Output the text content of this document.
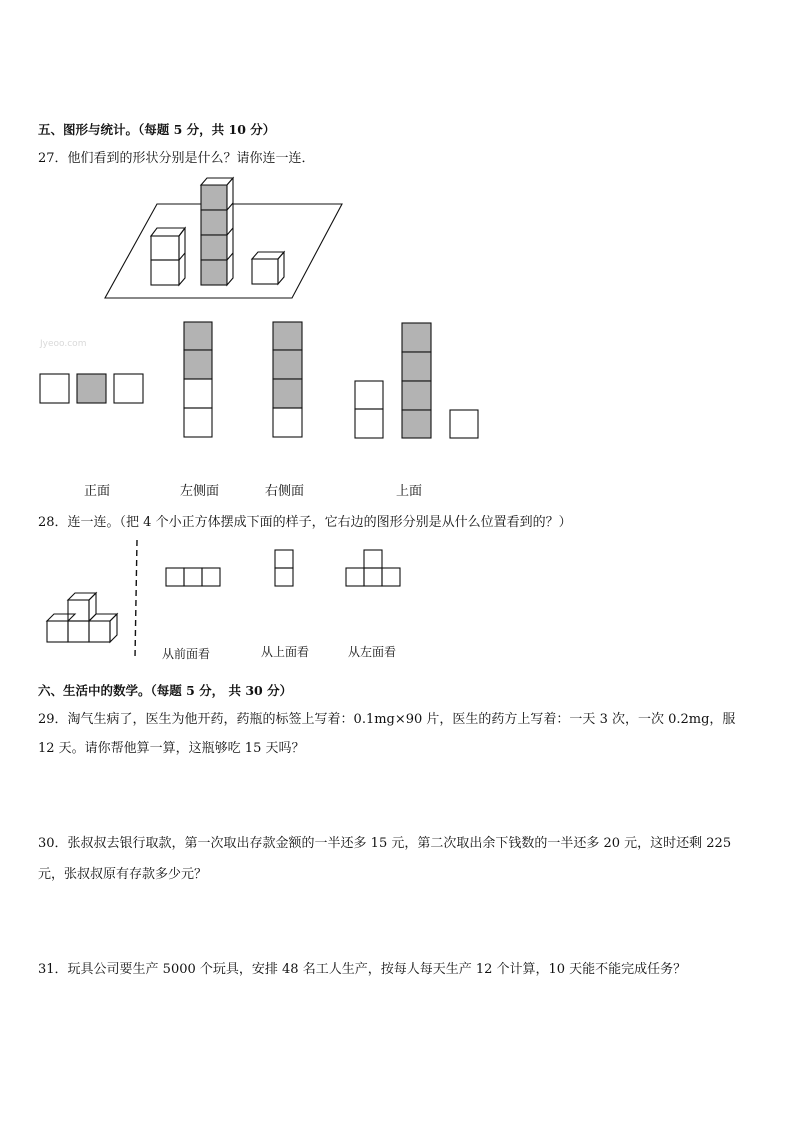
五、图形与统计。（每题 5 分，共 10 分）
27．他们看到的形状分别是什么？请你连一连．
Jyeoo.com
正面	左侧面	右侧面	上面
28．连一连。（把 4 个小正方体摆成下面的样子，它右边的图形分别是从什么位置看到的？）
从前面看	从上面看	从左面看
六、生活中的数学。（每题 5 分， 共 30 分）
29．淘气生病了，医生为他开药，药瓶的标签上写着：0.1mg×90 片，医生的药方上写着：一天 3 次，一次 0.2mg，服
12 天。请你帮他算一算，这瓶够吃 15 天吗？
30．张叔叔去银行取款，第一次取出存款金额的一半还多 15 元，第二次取出余下钱数的一半还多 20 元，这时还剩 225
元，张叔叔原有存款多少元？
31．玩具公司要生产 5000 个玩具，安排 48 名工人生产，按每人每天生产 12 个计算，10 天能不能完成任务？
